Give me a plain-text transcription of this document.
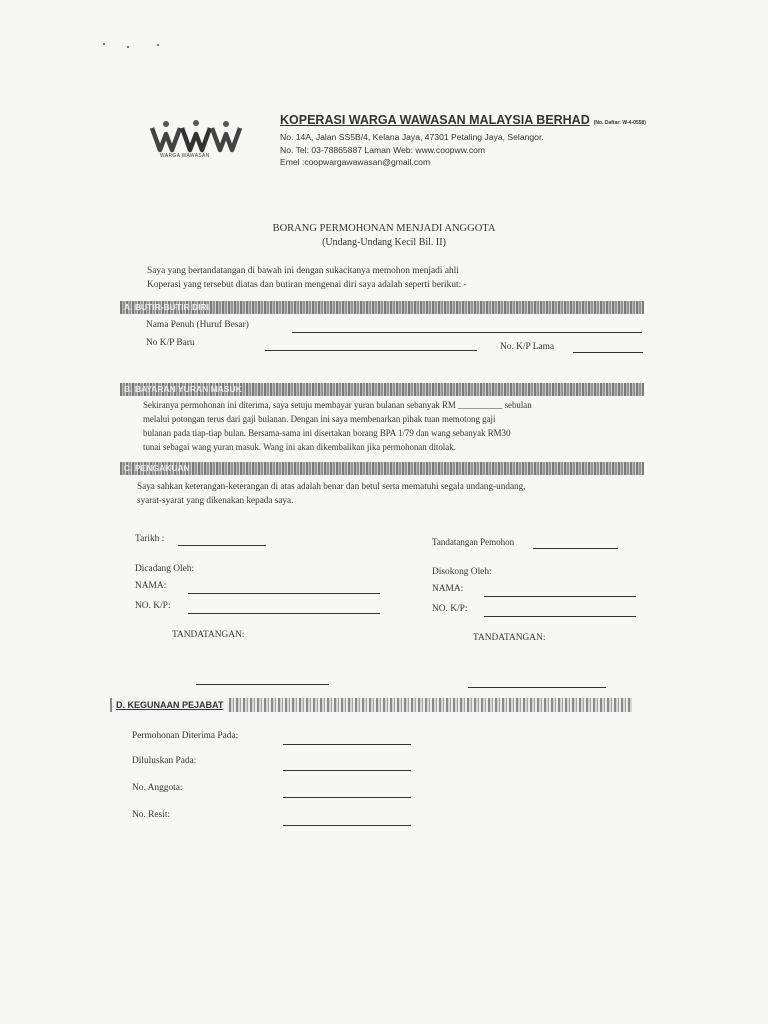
WARGA WAWASAN
KOPERASI WARGA WAWASAN MALAYSIA BERHAD (No. Daftar: W-4-0558)
No. 14A, Jalan SS5B/4, Kelana Jaya, 47301 Petaling Jaya, Selangor.
No. Tel: 03-78865887 Laman Web: www.coopww.com
Emel :coopwargawawasan@gmail.com
BORANG PERMOHONAN MENJADI ANGGOTA
(Undang-Undang Kecil Bil. II)
Saya yang bertandatangan di bawah ini dengan sukacitanya memohon menjadi ahli
Koperasi yang tersebut diatas dan butiran mengenai diri saya adalah seperti berikut: -
A. BUTIR-BUTIR DIRI
Nama Penuh (Huruf Besar)
No K/P Baru	No. K/P Lama
B. BAYARAN YURAN MASUK
Sekiranya permohonan ini diterima, saya setuju membayar yuran bulanan sebanyak RM __________ sebulan
melalui potongan terus dari gaji bulanan. Dengan ini saya membenarkan pihak tuan memotong gaji
bulanan pada tiap-tiap bulan. Bersama-sama ini disertakan borang BPA 1/79 dan wang sebanyak RM30
tunai sebagai wang yuran masuk. Wang ini akan dikembalikan jika permohonan ditolak.
C. PENGAKUAN
Saya sahkan keterangan-keterangan di atas adalah benar dan betul serta mematuhi segala undang-undang,
syarat-syarat yang dikenakan kepada saya.
Tarikh :	Tandatangan Pemohon
Dicadang Oleh:	Disokong Oleh:
NAMA:	NAMA:
NO. K/P:	NO. K/P:
TANDATANGAN:	TANDATANGAN:
D. KEGUNAAN PEJABAT
Permohonan Diterima Pada:
Diluluskan Pada:
No. Anggota:
No. Resit:
